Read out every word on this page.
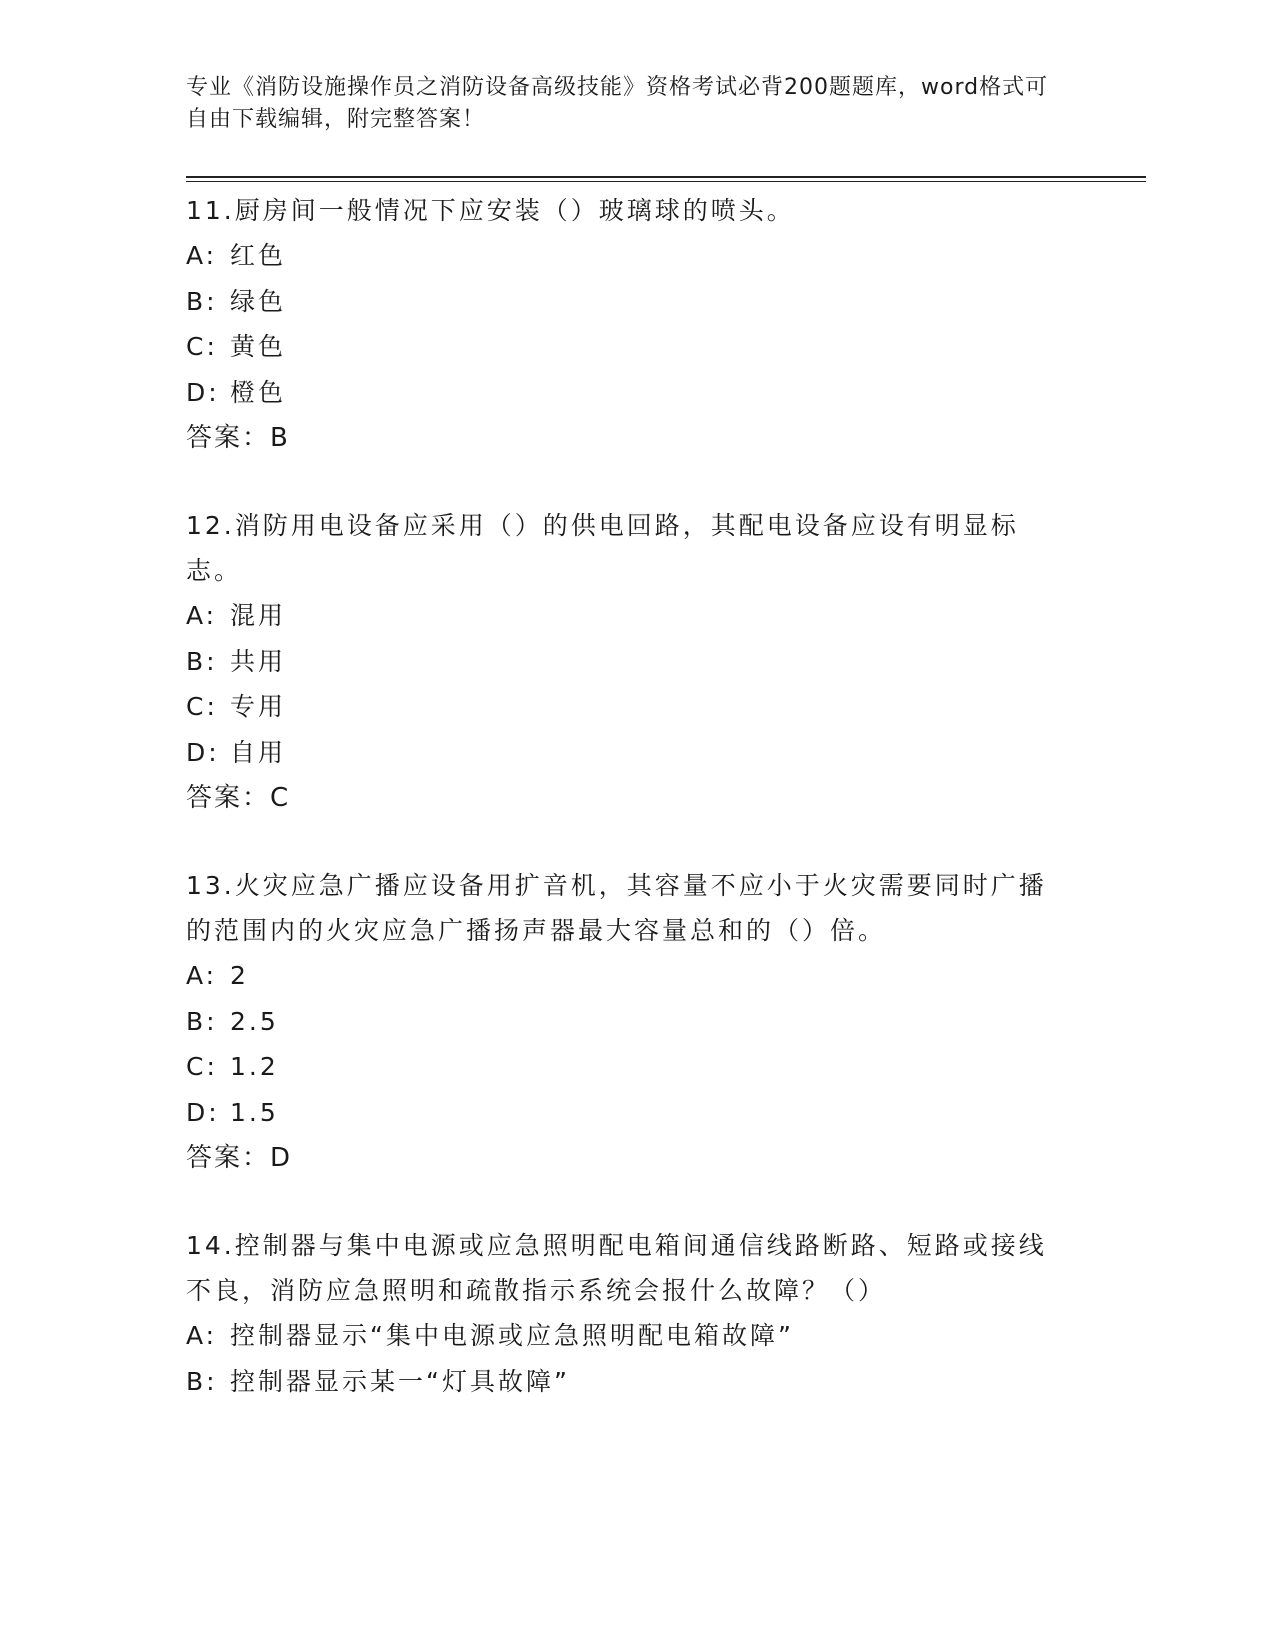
专业《消防设施操作员之消防设备高级技能》资格考试必背200题题库，word格式可自由下载编辑，附完整答案！
11.厨房间一般情况下应安装（）玻璃球的喷头。
A: 红色
B: 绿色
C: 黄色
D: 橙色
答案：B
12.消防用电设备应采用（）的供电回路，其配电设备应设有明显标志。
A: 混用
B: 共用
C: 专用
D: 自用
答案：C
13.火灾应急广播应设备用扩音机，其容量不应小于火灾需要同时广播的范围内的火灾应急广播扬声器最大容量总和的（）倍。
A: 2
B: 2.5
C: 1.2
D: 1.5
答案：D
14.控制器与集中电源或应急照明配电箱间通信线路断路、短路或接线不良，消防应急照明和疏散指示系统会报什么故障？（）
A: 控制器显示“集中电源或应急照明配电箱故障”
B: 控制器显示某一“灯具故障”
